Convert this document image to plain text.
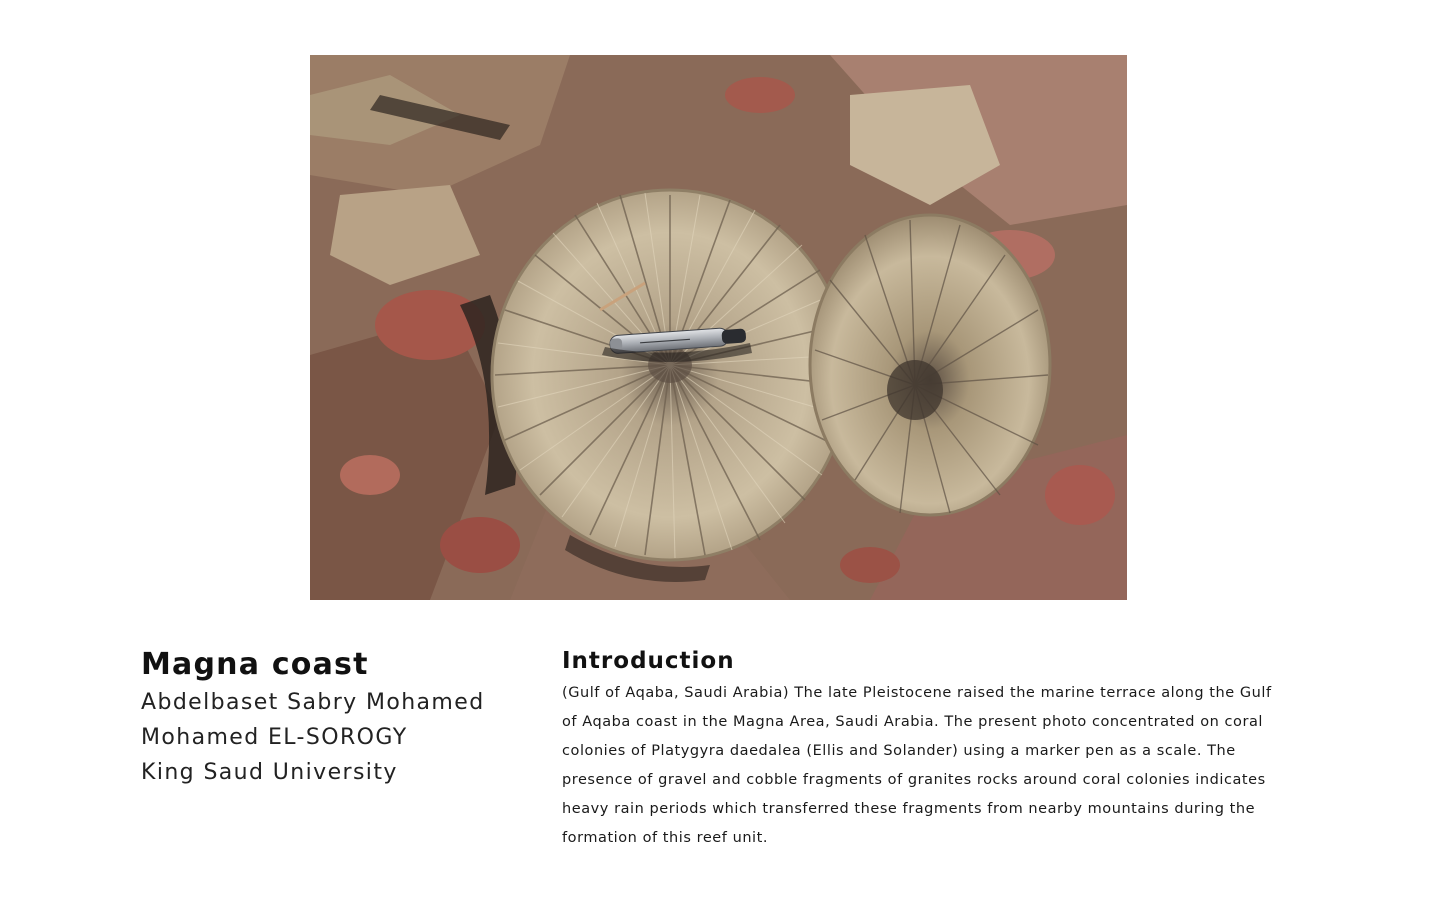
Magna coast
Abdelbaset Sabry Mohamed
Mohamed EL-SOROGY
King Saud University
Introduction

(Gulf of Aqaba, Saudi Arabia) The late Pleistocene raised the marine terrace along the Gulf of Aqaba coast in the Magna Area, Saudi Arabia. The present photo concentrated on coral colonies of Platygyra daedalea (Ellis and Solander) using a marker pen as a scale. The presence of gravel and cobble fragments of granites rocks around coral colonies indicates heavy rain periods which transferred these fragments from nearby mountains during the formation of this reef unit.
